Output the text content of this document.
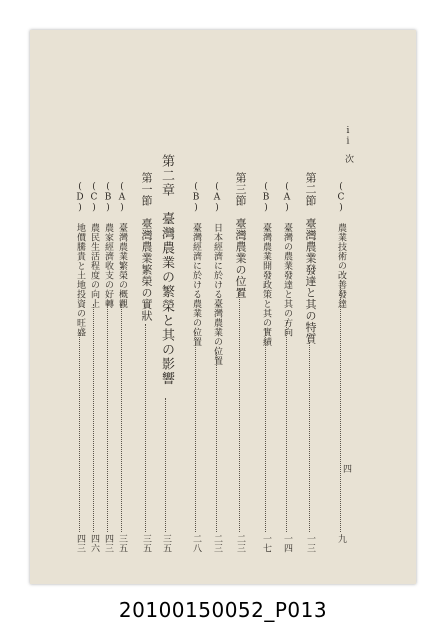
ii
次
四
(C)　農業技術の改善發達
九
第二節　臺灣農業發達と其の特質
一三
(A)　臺灣の農業發達と其の方向
一四
(B)　臺灣農業開發政策と其の實績
一七
第三節　臺灣農業の位置
二三
(A)　日本經濟に於ける臺灣農業の位置
二三
(B)　臺灣經濟に於ける農業の位置
二八
第二章　臺灣農業の繁榮と其の影響
三五
第一節　臺灣農業繁榮の實狀
三五
(A)　臺灣農業繁榮の概觀
三五
(B)　農家經濟收支の好轉
四三
(C)　農民生活程度の向上
四六
(D)　地價騰貴と土地投資の旺盛
四三
20100150052_P013
